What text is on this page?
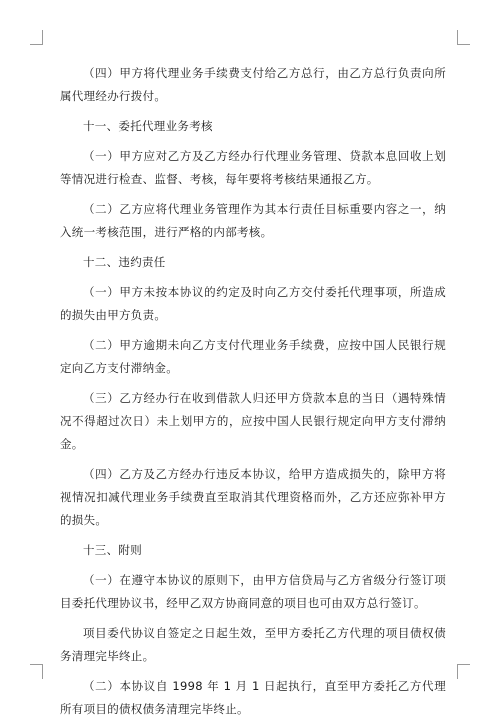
（四）甲方将代理业务手续费支付给乙方总行，由乙方总行负责向所属代理经办行拨付。

十一、委托代理业务考核

（一）甲方应对乙方及乙方经办行代理业务管理、贷款本息回收上划等情况进行检查、监督、考核，每年要将考核结果通报乙方。

（二）乙方应将代理业务管理作为其本行责任目标重要内容之一，纳入统一考核范围，进行严格的内部考核。

十二、违约责任

（一）甲方未按本协议的约定及时向乙方交付委托代理事项，所造成的损失由甲方负责。

（二）甲方逾期未向乙方支付代理业务手续费，应按中国人民银行规定向乙方支付滞纳金。

（三）乙方经办行在收到借款人归还甲方贷款本息的当日（遇特殊情况不得超过次日）未上划甲方的，应按中国人民银行规定向甲方支付滞纳金。

（四）乙方及乙方经办行违反本协议，给甲方造成损失的，除甲方将视情况扣减代理业务手续费直至取消其代理资格而外，乙方还应弥补甲方的损失。

十三、附则

（一）在遵守本协议的原则下，由甲方信贷局与乙方省级分行签订项目委托代理协议书，经甲乙双方协商同意的项目也可由双方总行签订。

项目委代协议自签定之日起生效，至甲方委托乙方代理的项目债权债务清理完毕终止。

（二）本协议自 1998 年 1 月 1 日起执行，直至甲方委托乙方代理所有项目的债权债务清理完毕终止。
